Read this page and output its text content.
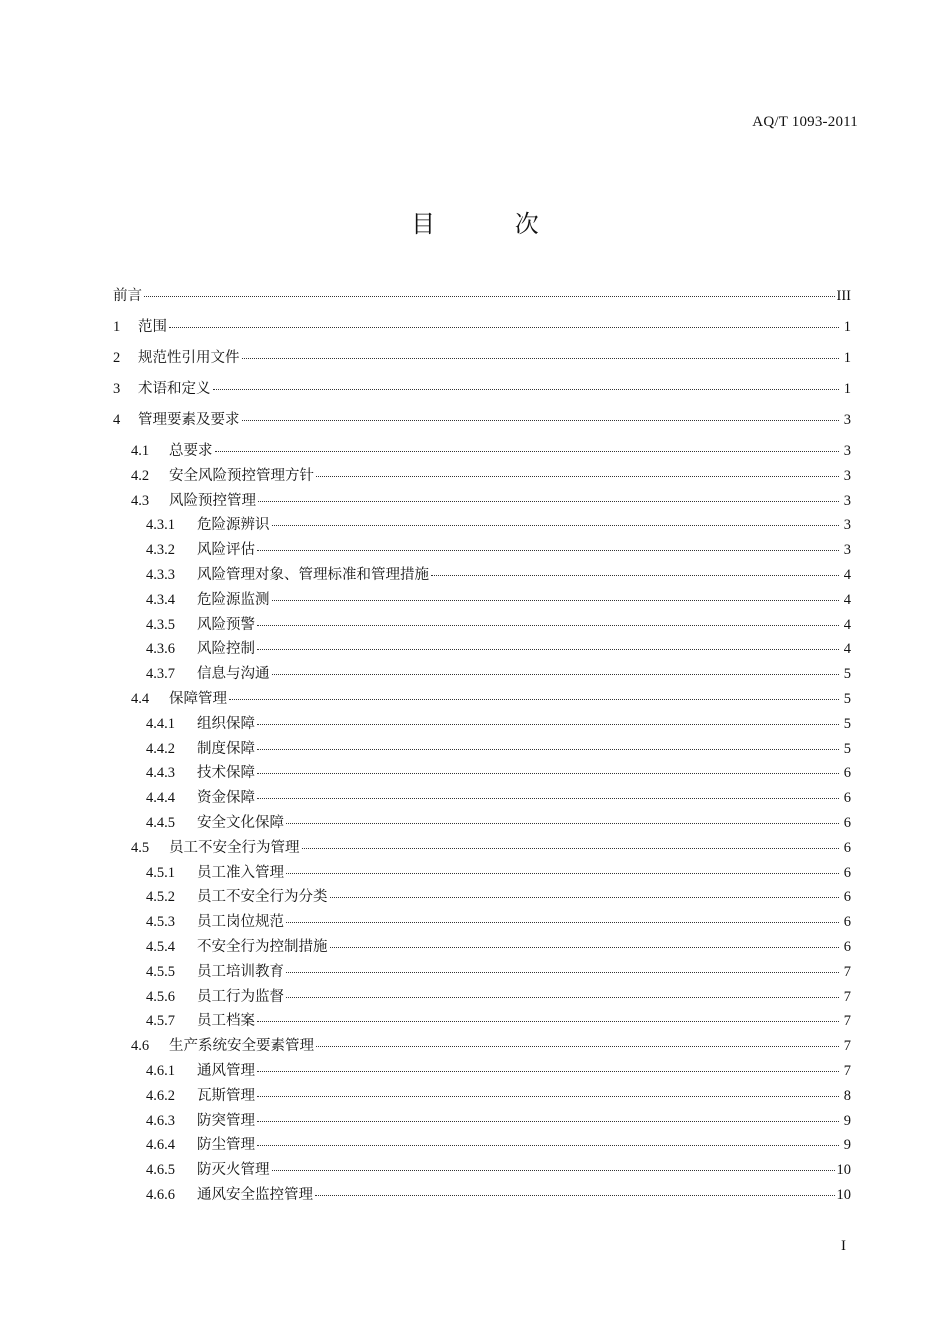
AQ/T 1093-2011
目 次
前言	III
1	范围	1
2	规范性引用文件	1
3	术语和定义	1
4	管理要素及要求	3
4.1	总要求	3
4.2	安全风险预控管理方针	3
4.3	风险预控管理	3
4.3.1	危险源辨识	3
4.3.2	风险评估	3
4.3.3	风险管理对象、管理标准和管理措施	4
4.3.4	危险源监测	4
4.3.5	风险预警	4
4.3.6	风险控制	4
4.3.7	信息与沟通	5
4.4	保障管理	5
4.4.1	组织保障	5
4.4.2	制度保障	5
4.4.3	技术保障	6
4.4.4	资金保障	6
4.4.5	安全文化保障	6
4.5	员工不安全行为管理	6
4.5.1	员工准入管理	6
4.5.2	员工不安全行为分类	6
4.5.3	员工岗位规范	6
4.5.4	不安全行为控制措施	6
4.5.5	员工培训教育	7
4.5.6	员工行为监督	7
4.5.7	员工档案	7
4.6	生产系统安全要素管理	7
4.6.1	通风管理	7
4.6.2	瓦斯管理	8
4.6.3	防突管理	9
4.6.4	防尘管理	9
4.6.5	防灭火管理	10
4.6.6	通风安全监控管理	10
I
